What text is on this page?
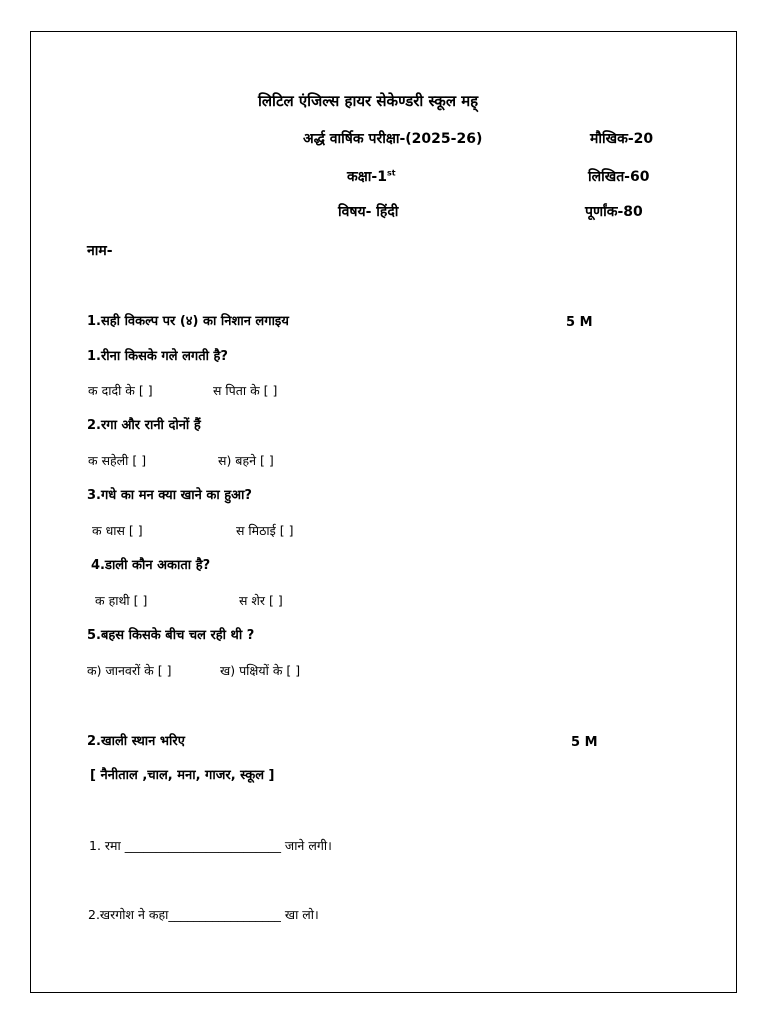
लिटिल एंजिल्स हायर सेकेण्डरी स्कूल मह्
अर्द्ध वार्षिक परीक्षा-(2025-26)	मौखिक-20
कक्षा-1st	लिखित-60
विषय- हिंदी	पूर्णांक-80
नाम-
1.सही विकल्प पर (४) का निशान लगाइय	5 M
1.रीना किसके गले लगती है?
क दादी के [ ]	स पिता के [ ]
2.रगा और रानी दोनों हैं
क सहेली [ ]	स) बहने [ ]
3.गधे का मन क्या खाने का हुआ?
क धास [ ]	स मिठाई [ ]
4.डाली कौन अकाता है?
क हाथी [ ]	स शेर [ ]
5.बहस किसके बीच चल रही थी ?
क) जानवरों के [ ]	ख) पक्षियों के [ ]
2.खाली स्थान भरिए	5 M
[ नैनीताल ,चाल, मना, गाजर, स्कूल ]
1. रमा _________________________ जाने लगी।
2.खरगोश ने कहा__________________ खा लो।
